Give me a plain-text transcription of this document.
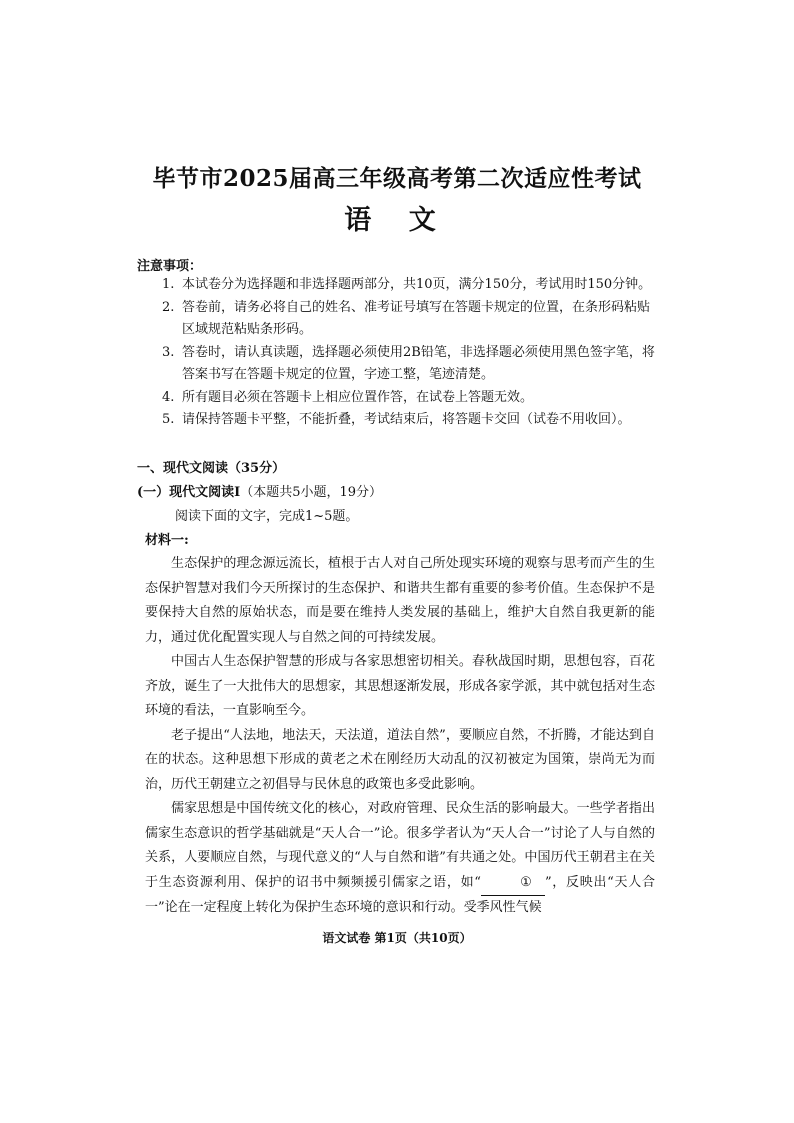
毕节市2025届高三年级高考第二次适应性考试
语 文
注意事项：
1. 本试卷分为选择题和非选择题两部分，共10页，满分150分，考试用时150分钟。
2. 答卷前，请务必将自己的姓名、准考证号填写在答题卡规定的位置，在条形码粘贴区域规范粘贴条形码。
3. 答卷时，请认真读题，选择题必须使用2B铅笔，非选择题必须使用黑色签字笔，将答案书写在答题卡规定的位置，字迹工整，笔迹清楚。
4. 所有题目必须在答题卡上相应位置作答，在试卷上答题无效。
5. 请保持答题卡平整，不能折叠，考试结束后，将答题卡交回（试卷不用收回）。
一、现代文阅读（35分）
(一）现代文阅读Ⅰ（本题共5小题，19分）
阅读下面的文字，完成1~5题。
材料一:

生态保护的理念源远流长，植根于古人对自己所处现实环境的观察与思考而产生的生态保护智慧对我们今天所探讨的生态保护、和谐共生都有重要的参考价值。生态保护不是要保持大自然的原始状态，而是要在维持人类发展的基础上，维护大自然自我更新的能力，通过优化配置实现人与自然之间的可持续发展。

中国古人生态保护智慧的形成与各家思想密切相关。春秋战国时期，思想包容，百花齐放，诞生了一大批伟大的思想家，其思想逐渐发展，形成各家学派，其中就包括对生态环境的看法，一直影响至今。

老子提出“人法地，地法天，天法道，道法自然”，要顺应自然，不折腾，才能达到自在的状态。这种思想下形成的黄老之术在刚经历大动乱的汉初被定为国策，崇尚无为而治，历代王朝建立之初倡导与民休息的政策也多受此影响。

儒家思想是中国传统文化的核心，对政府管理、民众生活的影响最大。一些学者指出儒家生态意识的哲学基础就是“天人合一”论。很多学者认为“天人合一”讨论了人与自然的关系，人要顺应自然，与现代意义的“人与自然和谐”有共通之处。中国历代王朝君主在关于生态资源利用、保护的诏书中频频援引儒家之语，如“	① ”，反映出“天人合一”论在一定程度上转化为保护生态环境的意识和行动。受季风性气候

语文试卷 第1页（共10页）
